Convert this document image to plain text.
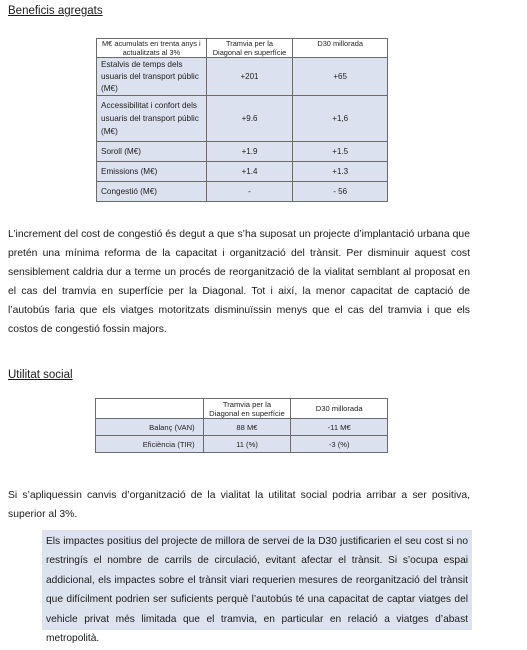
Beneficis agregats
M€ acumulats en trenta anys i actualitzats al 3%	Tramvia per la Diagonal en superfície	D30 millorada
Estalvis de temps dels usuaris del transport públic (M€)	+201	+65
Accessibilitat i confort dels usuaris del transport públic (M€)	+9.6	+1,6
Soroll (M€)	+1.9	+1.5
Emissions (M€)	+1.4	+1.3
Congestió (M€)	-	- 56

L’increment del cost de congestió és degut a que s’ha suposat un projecte d’implantació urbana que pretén una mínima reforma de la capacitat i organització del trànsit. Per disminuir aquest cost sensiblement caldria dur a terme un procés de reorganització de la vialitat semblant al proposat en el cas del tramvia en superfície per la Diagonal. Tot i així, la menor capacitat de captació de l’autobús faria que els viatges motoritzats disminuïssin menys que el cas del tramvia i que els costos de congestió fossin majors.

Utilitat social
	Tramvia per la Diagonal en superfície	D30 millorada
Balanç (VAN)	88 M€	-11 M€
Eficiència (TIR)	11 (%)	-3 (%)

Si s’apliquessin canvis d’organització de la vialitat la utilitat social podria arribar a ser positiva, superior al 3%.

Els impactes positius del projecte de millora de servei de la D30 justificarien el seu cost si no restringís el nombre de carrils de circulació, evitant afectar el trànsit. Si s’ocupa espai addicional, els impactes sobre el trànsit viari requerien mesures de reorganització del trànsit que difícilment podrien ser suficients perquè l’autobús té una capacitat de captar viatges del vehicle privat més limitada que el tramvia, en particular en relació a viatges d’abast metropolità.
